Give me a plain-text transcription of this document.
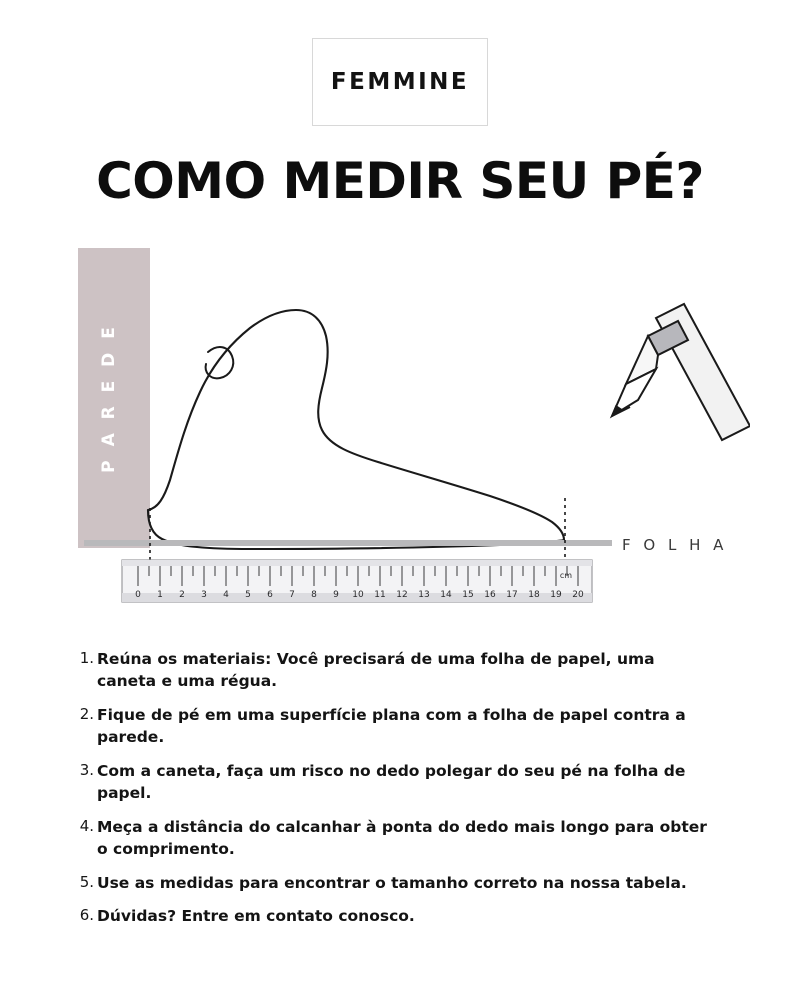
FEMMINE
COMO MEDIR SEU PÉ?
P A R E D E
F O L H A
0 1 2 3 4 5 6 7 8 9 10 11 12 13 14 15 16 17 18 19 20
cm
1. Reúna os materiais: Você precisará de uma folha de papel, uma caneta e uma régua.
2. Fique de pé em uma superfície plana com a folha de papel contra a parede.
3. Com a caneta, faça um risco no dedo polegar do seu pé na folha de papel.
4. Meça a distância do calcanhar à ponta do dedo mais longo para obter o comprimento.
5. Use as medidas para encontrar o tamanho correto na nossa tabela.
6. Dúvidas? Entre em contato conosco.
